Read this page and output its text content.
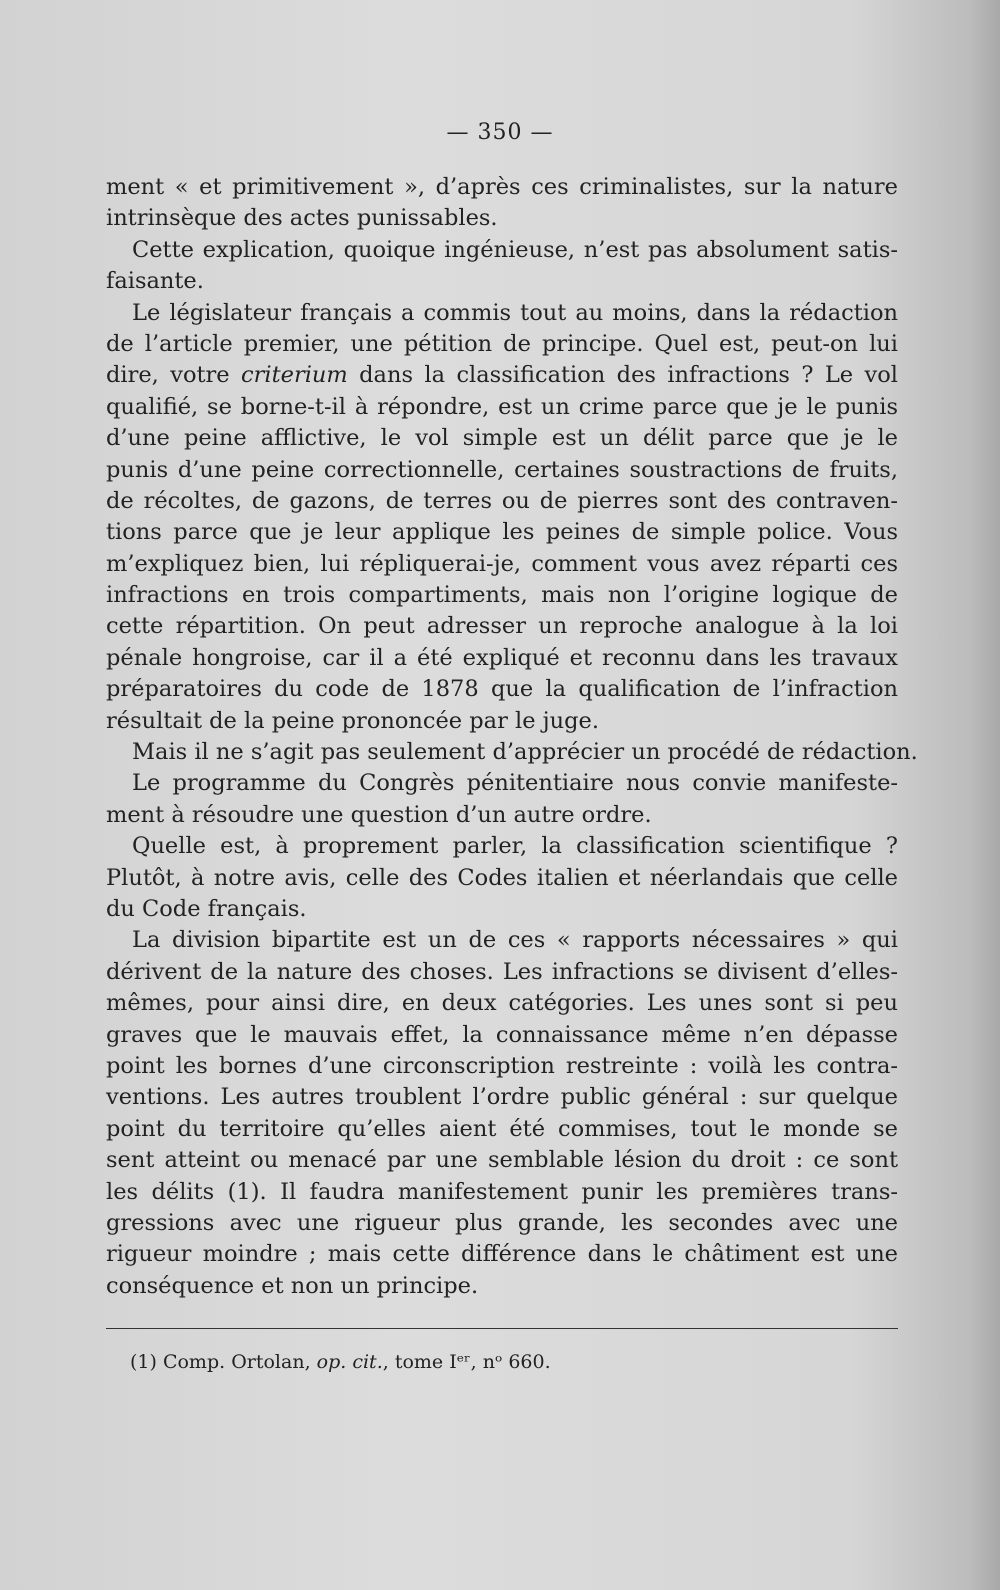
— 350 —
ment « et primitivement », d’après ces criminalistes, sur la nature
intrinsèque des actes punissables.
Cette explication, quoique ingénieuse, n’est pas absolument satis-
faisante.
Le législateur français a commis tout au moins, dans la rédaction
de l’article premier, une pétition de principe. Quel est, peut-on lui
dire, votre criterium dans la classification des infractions ? Le vol
qualifié, se borne-t-il à répondre, est un crime parce que je le punis
d’une peine afflictive, le vol simple est un délit parce que je le
punis d’une peine correctionnelle, certaines soustractions de fruits,
de récoltes, de gazons, de terres ou de pierres sont des contraven-
tions parce que je leur applique les peines de simple police. Vous
m’expliquez bien, lui répliquerai-je, comment vous avez réparti ces
infractions en trois compartiments, mais non l’origine logique de
cette répartition. On peut adresser un reproche analogue à la loi
pénale hongroise, car il a été expliqué et reconnu dans les travaux
préparatoires du code de 1878 que la qualification de l’infraction
résultait de la peine prononcée par le juge.
Mais il ne s’agit pas seulement d’apprécier un procédé de rédaction.
Le programme du Congrès pénitentiaire nous convie manifeste-
ment à résoudre une question d’un autre ordre.
Quelle est, à proprement parler, la classification scientifique ?
Plutôt, à notre avis, celle des Codes italien et néerlandais que celle
du Code français.
La division bipartite est un de ces « rapports nécessaires » qui
dérivent de la nature des choses. Les infractions se divisent d’elles-
mêmes, pour ainsi dire, en deux catégories. Les unes sont si peu
graves que le mauvais effet, la connaissance même n’en dépasse
point les bornes d’une circonscription restreinte : voilà les contra-
ventions. Les autres troublent l’ordre public général : sur quelque
point du territoire qu’elles aient été commises, tout le monde se
sent atteint ou menacé par une semblable lésion du droit : ce sont
les délits (1). Il faudra manifestement punir les premières trans-
gressions avec une rigueur plus grande, les secondes avec une
rigueur moindre ; mais cette différence dans le châtiment est une
conséquence et non un principe.
(1) Comp. Ortolan, op. cit., tome Iᵉʳ, nᵒ 660.
